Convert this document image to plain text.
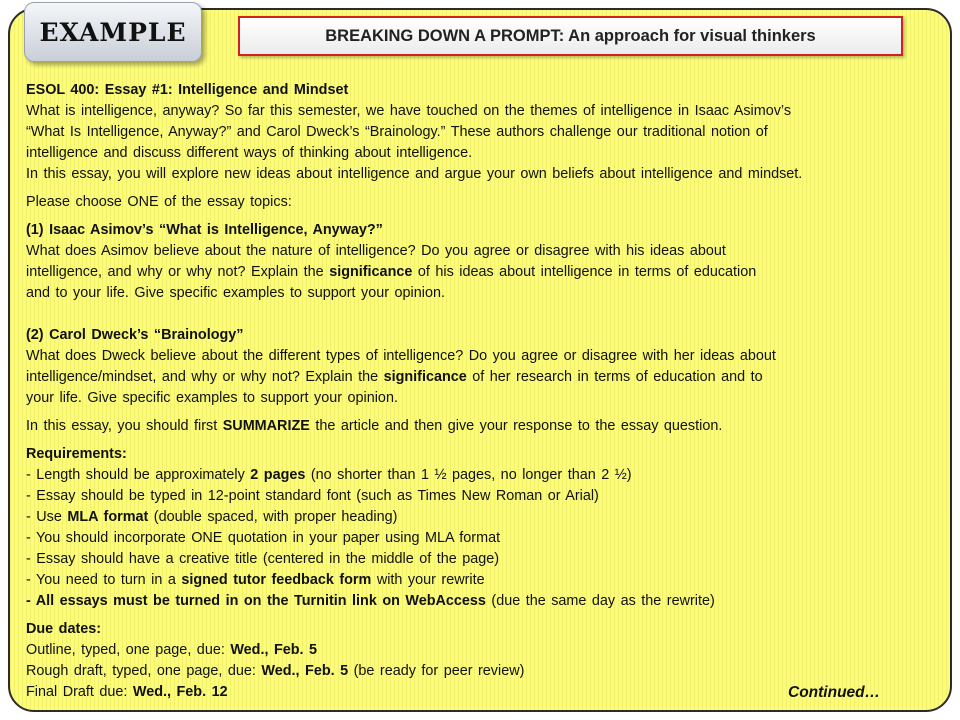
EXAMPLE	BREAKING DOWN A PROMPT: An approach for visual thinkers
ESOL 400: Essay #1: Intelligence and Mindset
What is intelligence, anyway? So far this semester, we have touched on the themes of intelligence in Isaac Asimov’s
“What Is Intelligence, Anyway?” and Carol Dweck’s “Brainology.” These authors challenge our traditional notion of
intelligence and discuss different ways of thinking about intelligence.
In this essay, you will explore new ideas about intelligence and argue your own beliefs about intelligence and mindset.
Please choose ONE of the essay topics:
(1) Isaac Asimov’s “What is Intelligence, Anyway?”
What does Asimov believe about the nature of intelligence? Do you agree or disagree with his ideas about
intelligence, and why or why not? Explain the significance of his ideas about intelligence in terms of education
and to your life. Give specific examples to support your opinion.
(2) Carol Dweck’s “Brainology”
What does Dweck believe about the different types of intelligence? Do you agree or disagree with her ideas about
intelligence/mindset, and why or why not? Explain the significance of her research in terms of education and to
your life. Give specific examples to support your opinion.
In this essay, you should first SUMMARIZE the article and then give your response to the essay question.
Requirements:
- Length should be approximately 2 pages (no shorter than 1 ½ pages, no longer than 2 ½)
- Essay should be typed in 12-point standard font (such as Times New Roman or Arial)
- Use MLA format (double spaced, with proper heading)
- You should incorporate ONE quotation in your paper using MLA format
- Essay should have a creative title (centered in the middle of the page)
- You need to turn in a signed tutor feedback form with your rewrite
- All essays must be turned in on the Turnitin link on WebAccess (due the same day as the rewrite)
Due dates:
Outline, typed, one page, due: Wed., Feb. 5
Rough draft, typed, one page, due: Wed., Feb. 5 (be ready for peer review)
Final Draft due: Wed., Feb. 12	Continued…
